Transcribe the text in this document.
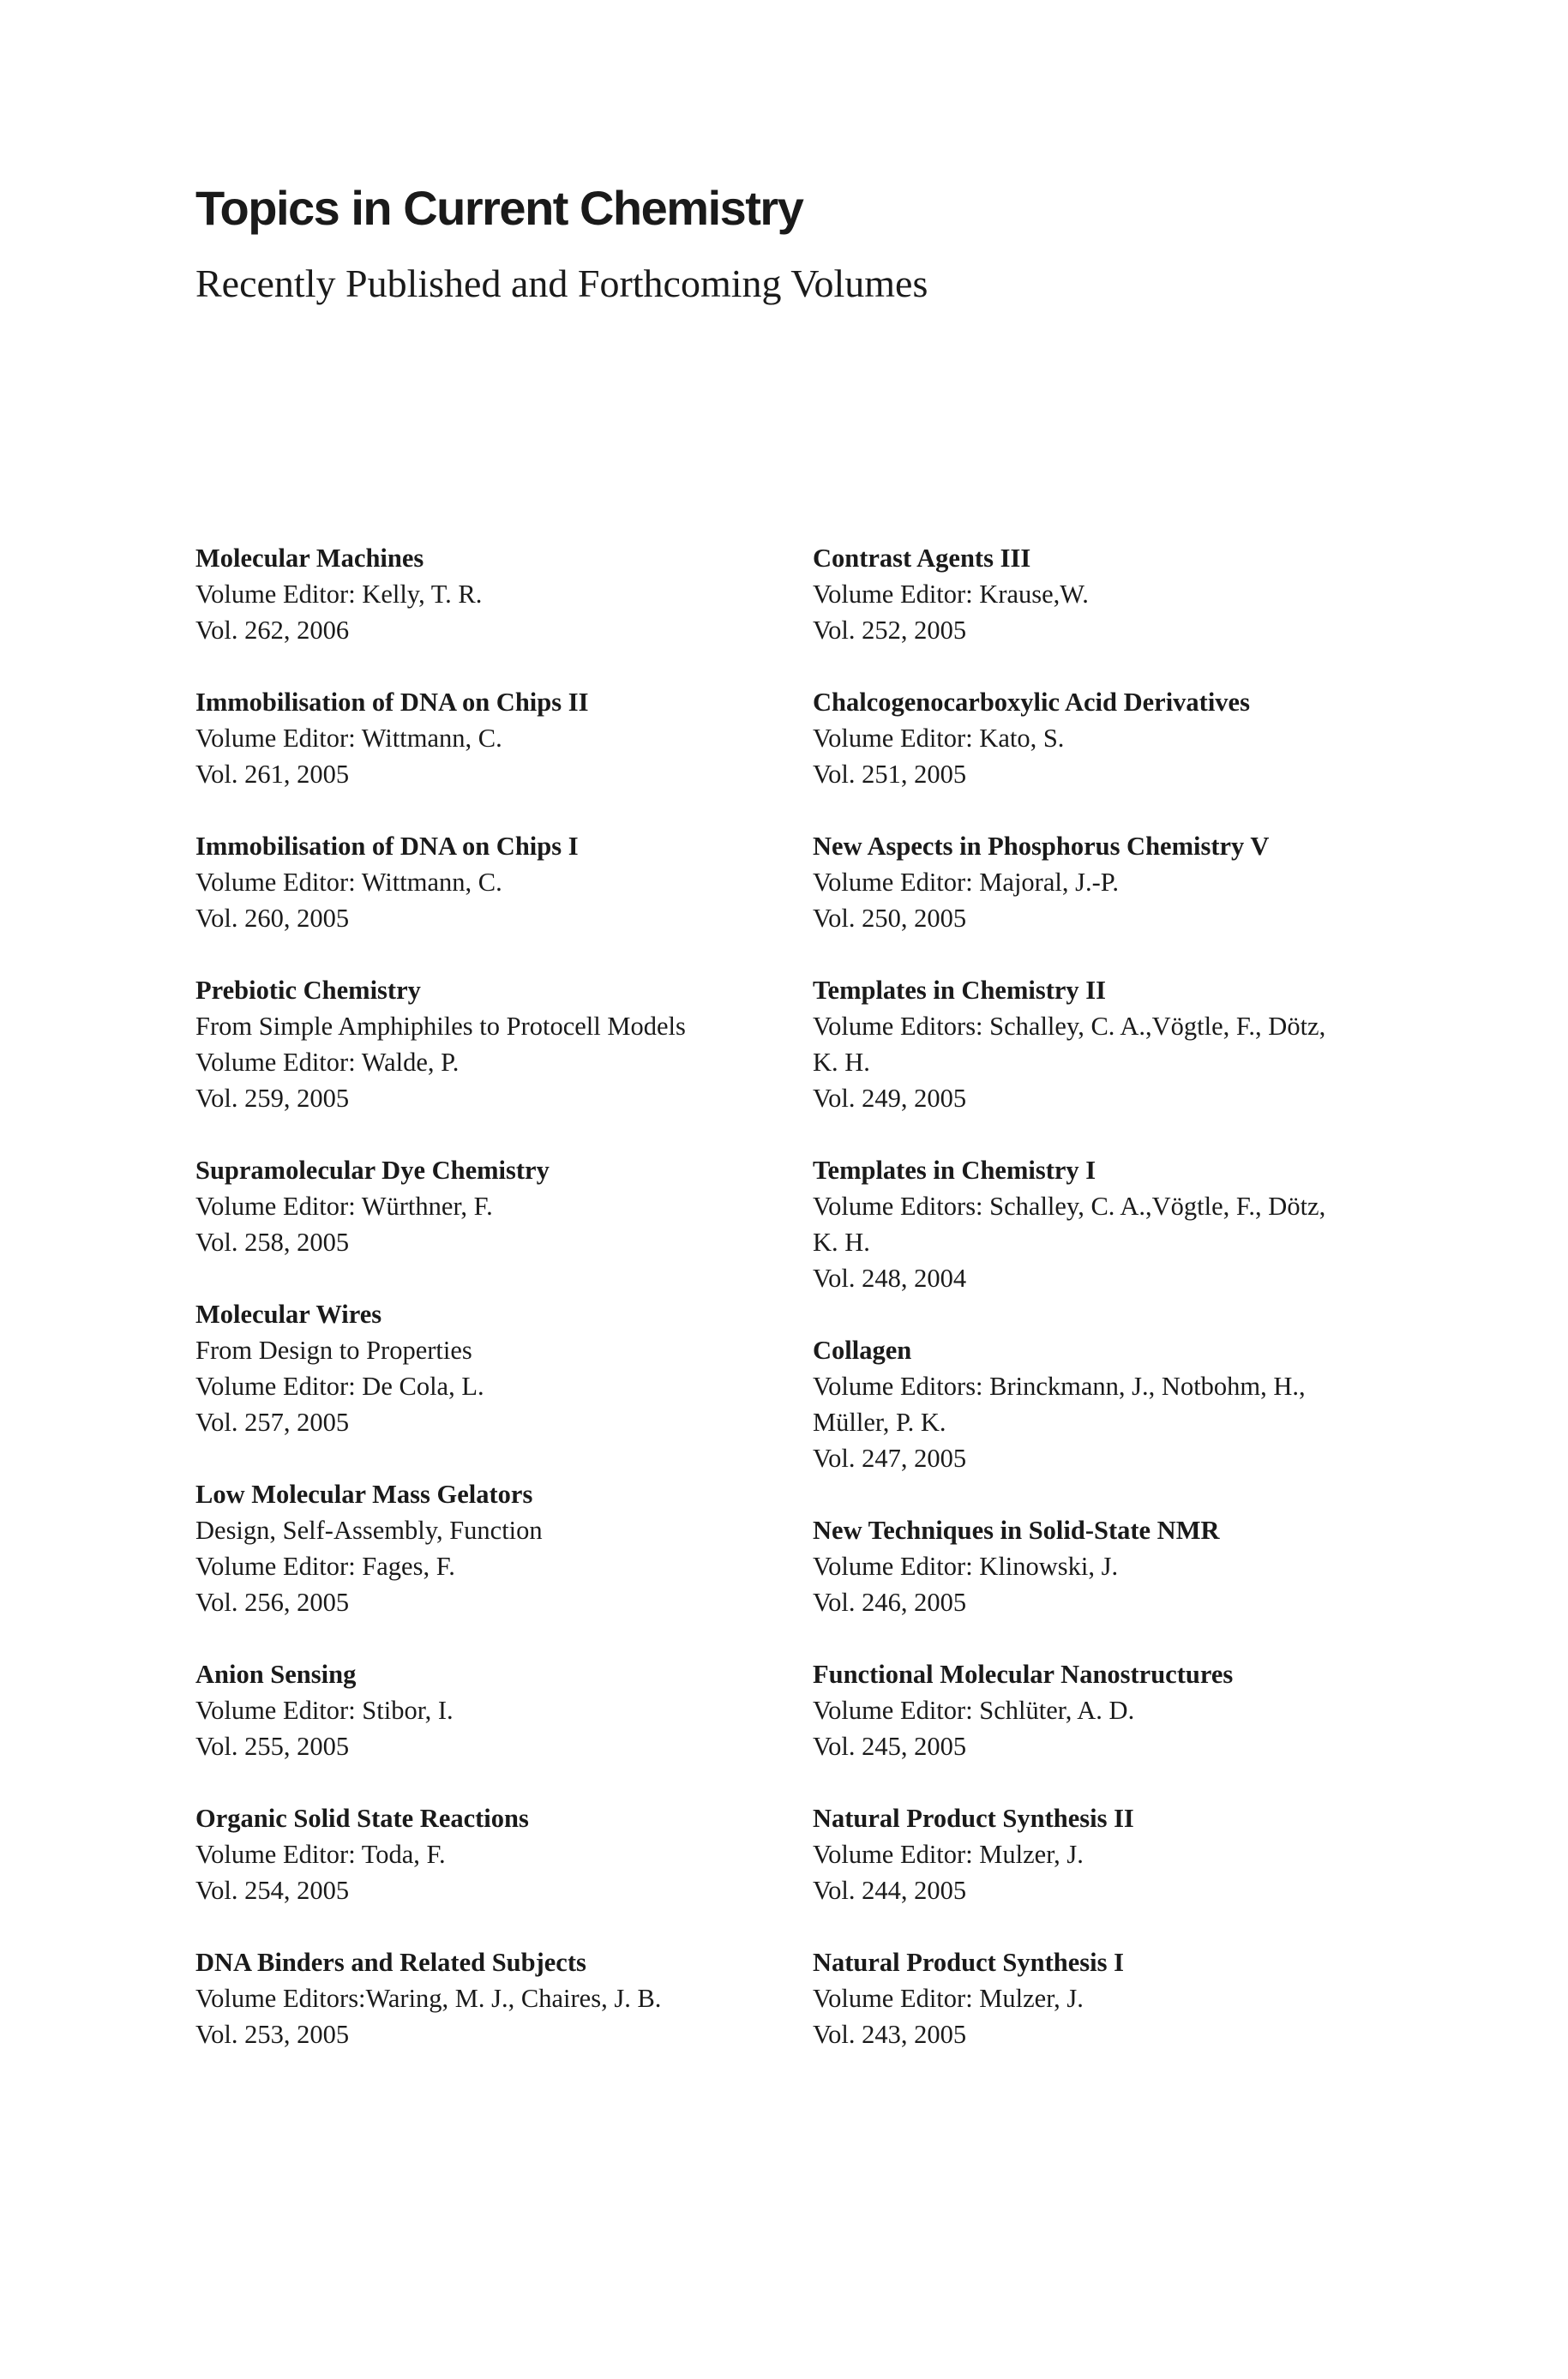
Topics in Current Chemistry
Recently Published and Forthcoming Volumes
Molecular Machines
Volume Editor: Kelly, T. R.
Vol. 262, 2006
Immobilisation of DNA on Chips II
Volume Editor: Wittmann, C.
Vol. 261, 2005
Immobilisation of DNA on Chips I
Volume Editor: Wittmann, C.
Vol. 260, 2005
Prebiotic Chemistry
From Simple Amphiphiles to Protocell Models
Volume Editor: Walde, P.
Vol. 259, 2005
Supramolecular Dye Chemistry
Volume Editor: Würthner, F.
Vol. 258, 2005
Molecular Wires
From Design to Properties
Volume Editor: De Cola, L.
Vol. 257, 2005
Low Molecular Mass Gelators
Design, Self-Assembly, Function
Volume Editor: Fages, F.
Vol. 256, 2005
Anion Sensing
Volume Editor: Stibor, I.
Vol. 255, 2005
Organic Solid State Reactions
Volume Editor: Toda, F.
Vol. 254, 2005
DNA Binders and Related Subjects
Volume Editors:Waring, M. J., Chaires, J. B.
Vol. 253, 2005
Contrast Agents III
Volume Editor: Krause,W.
Vol. 252, 2005
Chalcogenocarboxylic Acid Derivatives
Volume Editor: Kato, S.
Vol. 251, 2005
New Aspects in Phosphorus Chemistry V
Volume Editor: Majoral, J.-P.
Vol. 250, 2005
Templates in Chemistry II
Volume Editors: Schalley, C. A.,Vögtle, F., Dötz,
K. H.
Vol. 249, 2005
Templates in Chemistry I
Volume Editors: Schalley, C. A.,Vögtle, F., Dötz,
K. H.
Vol. 248, 2004
Collagen
Volume Editors: Brinckmann, J., Notbohm, H.,
Müller, P. K.
Vol. 247, 2005
New Techniques in Solid-State NMR
Volume Editor: Klinowski, J.
Vol. 246, 2005
Functional Molecular Nanostructures
Volume Editor: Schlüter, A. D.
Vol. 245, 2005
Natural Product Synthesis II
Volume Editor: Mulzer, J.
Vol. 244, 2005
Natural Product Synthesis I
Volume Editor: Mulzer, J.
Vol. 243, 2005
